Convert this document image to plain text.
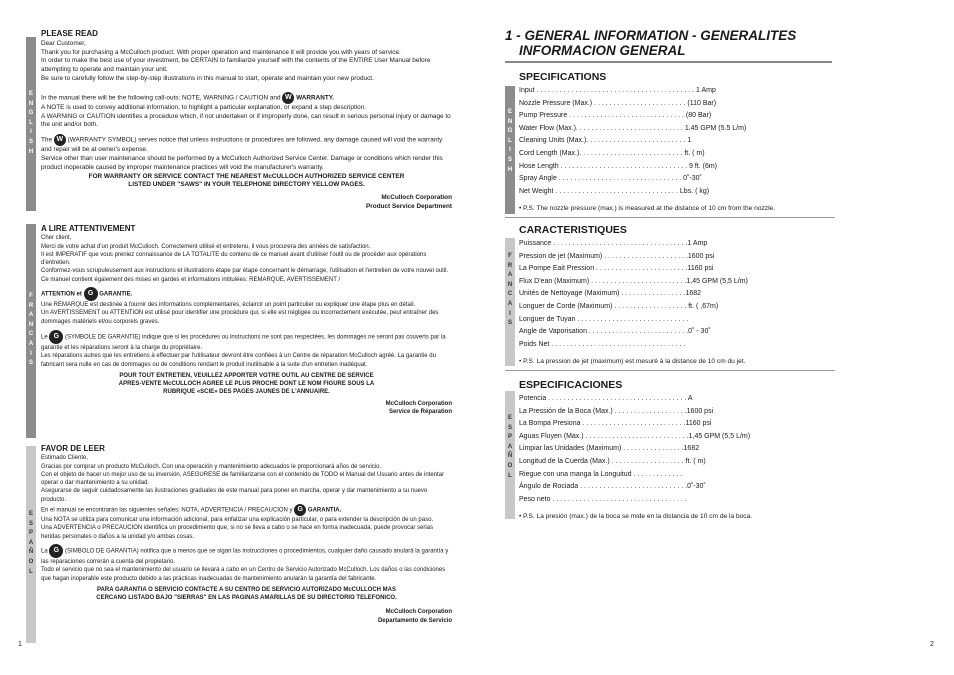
E
N
G
L
I
S
H
PLEASE READ

Dear Customer,

Thank you for purchasing a McCulloch product. With proper operation and maintenance it will provide you with years of service.

In order to make the best use of your investment, be CERTAIN to familiarize yourself with the contents of the ENTIRE User Manual before attempting to operate and maintain your unit.

Be sure to carefully follow the step-by-step illustrations in this manual to start, operate and maintain your new product.

In the manual there will be the following call-outs: NOTE, WARNING / CAUTION and W WARRANTY.

A NOTE is used to convey additional information, to highlight a particular explanation, or expand a step description.

A WARNING or CAUTION identifies a procedure which, if not undertaken or if improperly done, can result in serious personal injury or damage to the unit and/or both.

The W (WARRANTY SYMBOL) serves notice that unless instructions or procedures are followed, any damage caused will void the warranty and repair will be at owner's expense.

Service other than user maintenance should be performed by a McCulloch Authorized Service Center. Damage or conditions which render this product inoperable caused by improper maintenance practices will void the manufacturer's warranty.

FOR WARRANTY OR SERVICE CONTACT THE NEAREST McCULLOCH AUTHORIZED SERVICE CENTER

LISTED UNDER "SAWS" IN YOUR TELEPHONE DIRECTORY YELLOW PAGES.

McCulloch Corporation

Product Service Department

F
R
A
N
C
A
I
S
A LIRE ATTENTIVEMENT

Cher client,

Merci de votre achat d'un produit McCulloch. Correctement utilisé et entretenu, il vous procurera des années de satisfaction.

Il est IMPERATIF que vous preniez connaissance de LA TOTALITE du contenu de ce manuel avant d'utiliser l'outil ou de procéder aux opérations d'entretien.

Conformez-vous scrupuleusement aux instructions et illustrations étape par étape concernant le démarrage, l'utilisation et l'entretien de votre nouvel outil.

Ce manuel contient également des mises en gardes et informations intitulées: REMARQUE, AVERTISSEMENT /

ATTENTION et G GARANTIE.

Une REMARQUE est destinée à fournir des informations complémentaires, éclaircir un point particulier ou expliquer une étape plus en détail.

Un AVERTISSEMENT ou ATTENTION est utilisé pour identifier une procédure qui, si elle est négligée ou incorrectement exécutée, peut entraîner des dommages matériels et/ou corporels graves.

Le G (SYMBOLE DE GARANTIE) indique que si les procédures ou instructions ne sont pas respectées, les dommages ne seront pas couverts par la garantie et les réparations seront à la charge du propriétaire.

Les réparations autres que les entretiens à effectuer par l'utilisateur devront être confiées à un Centre de réparation McCulloch agréé. La garantie du fabricant sera nulle en cas de dommages ou de conditions rendant le produit inutilisable à la suite d'un entretien inadéquat.

POUR TOUT ENTRETIEN, VEUILLEZ APPORTER VOTRE OUTIL AU CENTRE DE SERVICE

APRES-VENTE McCULLOCH AGREE LE PLUS PROCHE DONT LE NOM FIGURE SOUS LA

RUBRIQUE «SCIE» DES PAGES JAUNES DE L'ANNUAIRE.

McCulloch Corporation

Service de Réparation

E
S
P
A
Ñ
O
L
FAVOR DE LEER

Estimado Cliente,

Gracias por comprar un producto McCulloch. Con una operación y mantenimiento adecuados le proporcionará años de servicio.

Con el objeto de hacer un mejor uso de su inversión, ASEGURESE de familiarizarse con el contenido de TODO el Manual del Usuario antes de intentar operar o dar mantenimiento a su unidad.

Asegurarse de seguir cuidadosamente las ilustraciones graduales de este manual para poner en marcha, operar y dar mantenimiento a su nuevo producto.

En el manual se encontrarán las siguientes señales: NOTA, ADVERTENCIA / PRECAUCION y G GARANTIA.

Una NOTA se utiliza para comunicar una información adicional, para enfatizar una explicación particular, o para extender la descripción de un paso.

Una ADVERTENCIA o PRECAUCION identifica un procedimiento que, si no se lleva a cabo o se hace en forma inadecuada, puede provocar serias heridas personales o daños a la unidad y/o ambas cosas.

La G (SIMBOLO DE GARANTIA) notifica que a menos que se sigan las instrucciones o procedimientos, cualquier daño causado anulará la garantía y las reparaciones correrán a cuenta del propietario.

Todo el servicio que no sea el mantenimiento del usuario se llevará a cabo en un Centro de Servicio Autorizado McCulloch. Los daños o las condiciones que hagan inoperable este producto debido a las prácticas inadecuadas de mantenimiento anularán la garantía del fabricante.

PARA GARANTIA O SERVICIO CONTACTE A SU CENTRO DE SERVICIO AUTORIZADO McCULLOCH MAS

CERCANO LISTADO BAJO "SIERRAS" EN LAS PAGINAS AMARILLAS DE SU DIRECTORIO TELEFONICO.

McCulloch Corporation

Departamento de Servicio

1
1 - GENERAL INFORMATION - GENERALITES
INFORMACION GENERAL
E
N
G
L
I
S
H
SPECIFICATIONS
Input . . . . . . . . . . . . . . . . . . . . . . . . . . . . . . . . . . . . . . . . . 1 Amp
Nozzle Pressure (Max.) . . . . . . . . . . . . . . . . . . . . . . . . (110 Bar)
Pump Pressure . . . . . . . . . . . . . . . . . . . . . . . . . . . . . . (80 Bar)
Water Flow (Max.). . . . . . . . . . . . . . . . . . . . . . . . . . . . 1.45 GPM (5.5 L/m)
Cleaning Units (Max.). . . . . . . . . . . . . . . . . . . . . . . . . . 1
Cord Length (Max.). . . . . . . . . . . . . . . . . . . . . . . . . . . ft. ( m)
Hose Length . . . . . . . . . . . . . . . . . . . . . . . . . . . . . . . . . 9 ft. (6m)
Spray Angle . . . . . . . . . . . . . . . . . . . . . . . . . . . . . . . . 0˚-30˚
Net Weight . . . . . . . . . . . . . . . . . . . . . . . . . . . . . . . . Lbs. ( kg)
• P.S. The nozzle pressure (max.) is measured at the distance of 10 cm from the nozzle.
F
R
A
N
C
A
I
S
CARACTERISTIQUES
Puissance . . . . . . . . . . . . . . . . . . . . . . . . . . . . . . . . . . .1 Amp
Pression de jet (Maximum) . . . . . . . . . . . . . . . . . . . . . .1600 psi
La Pompe Eait Pression . . . . . . . . . . . . . . . . . . . . . . . .1160 psi
Flux D'ean (Maximum) . . . . . . . . . . . . . . . . . . . . . . . . .1,45 GPM (5,5 L/m)
Unités de Nettoyage (Maximum) . . . . . . . . . . . . . . . . .1682
Longuer de Corde (Maximum) . . . . . . . . . . . . . . . . . . . ft. ( ,67m)
Longuer de Tuyan . . . . . . . . . . . . . . . . . . . . . . . . . . . . .
Angle de Vaporisation . . . . . . . . . . . . . . . . . . . . . . . . . .0˚ - 30˚
Poids Net . . . . . . . . . . . . . . . . . . . . . . . . . . . . . . . . . . .
• P.S. La pression de jet (maximum) est mesuré à la distance de 10 cm du jet.
E
S
P
A
Ñ
O
L
ESPECIFICACIONES
Potencia . . . . . . . . . . . . . . . . . . . . . . . . . . . . . . . . . . . . A
La Pressión de la Boca (Max.) . . . . . . . . . . . . . . . . . . .1600 psi
La Bompa Presiona . . . . . . . . . . . . . . . . . . . . . . . . . . .1160 psi
Aguas Fluyen (Max.) . . . . . . . . . . . . . . . . . . . . . . . . . . .1,45 GPM (5,5 L/m)
Limpiar las Unidades (Maximum) . . . . . . . . . . . . . . . .1682
Longitud de la Cuerda (Max.) . . . . . . . . . . . . . . . . . . . ft. ( m)
Riegue con una manga la Longuitud . . . . . . . . . . . . .
Ángulo de Rociada . . . . . . . . . . . . . . . . . . . . . . . . . . . .0˚-30˚
Peso neto . . . . . . . . . . . . . . . . . . . . . . . . . . . . . . . . . . .
• P.S. La presión (max.) de la boca se mide en la distancia de 10 cm de la boca.
2
